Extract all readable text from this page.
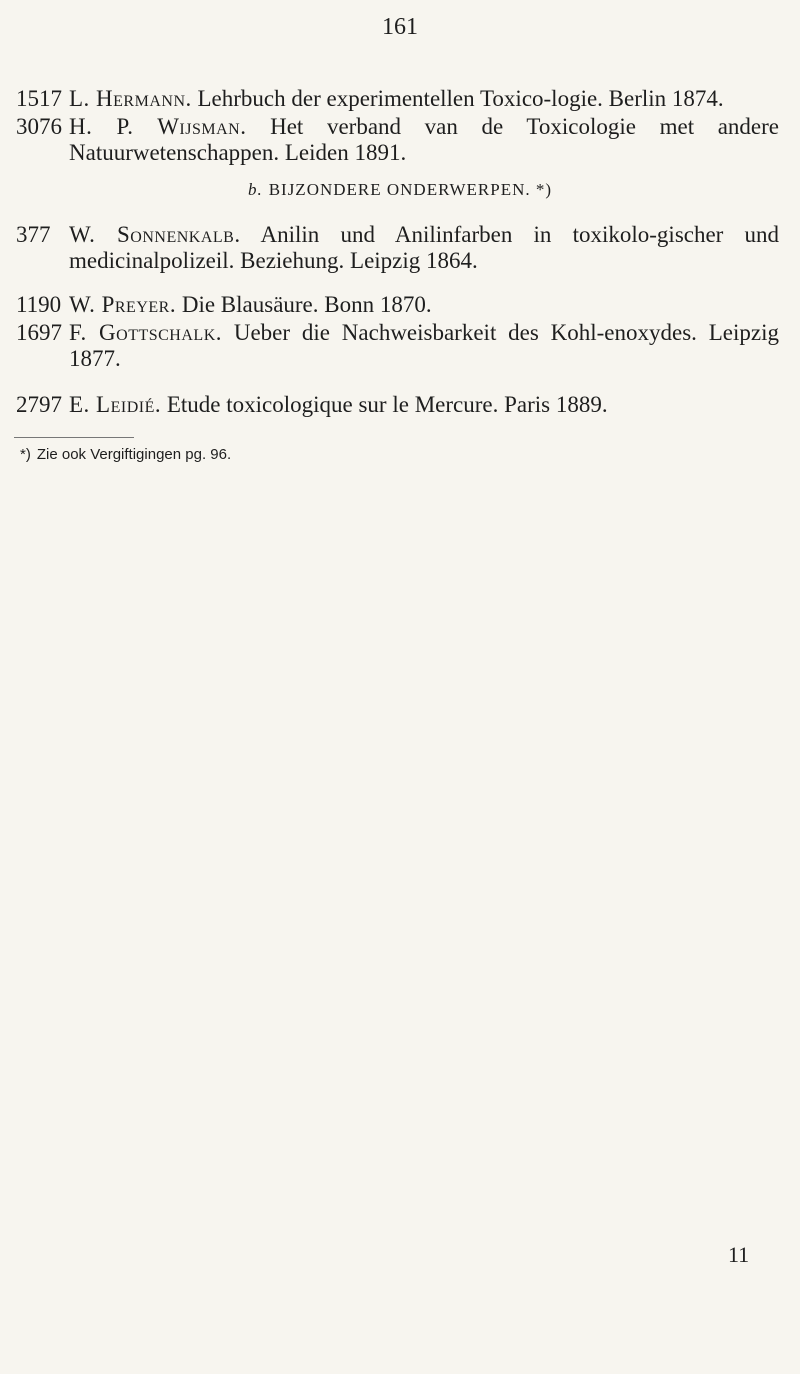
161
1517 L. Hermann. Lehrbuch der experimentellen Toxico-logie. Berlin 1874.
3076 H. P. Wijsman. Het verband van de Toxicologie met andere Natuurwetenschappen. Leiden 1891.
b. BIJZONDERE ONDERWERPEN. *)
377 W. Sonnenkalb. Anilin und Anilinfarben in toxikolo-gischer und medicinalpolizeil. Beziehung. Leipzig 1864.
1190 W. Preyer. Die Blausäure. Bonn 1870.
1697 F. Gottschalk. Ueber die Nachweisbarkeit des Kohl-enoxydes. Leipzig 1877.
2797 E. Leidié. Etude toxicologique sur le Mercure. Paris 1889.
*) Zie ook Vergiftigingen pg. 96.
11
